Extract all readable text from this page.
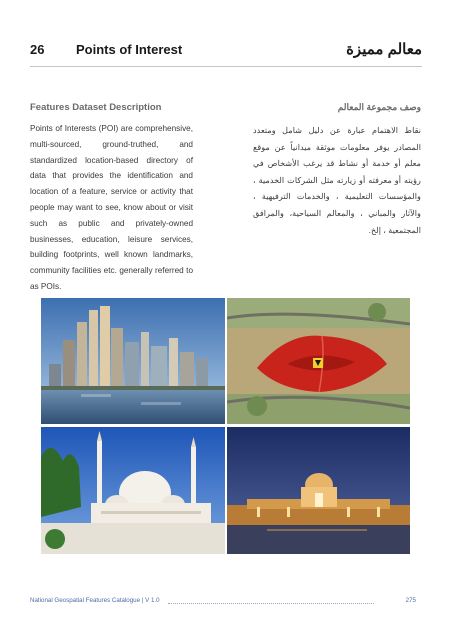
26 Points of Interest	معالم مميزة
Features Dataset Description	وصف مجموعة المعالم

Points of Interests (POI) are comprehensive, multi-sourced, ground-truthed, and standardized location-based directory of data that provides the identification and location of a feature, service or activity that people may want to see, know about or visit such as public and privately-owned businesses, education, leisure services, building footprints, well known landmarks, community facilities etc. generally referred to as POIs.

نقاط الاهتمام عبارة عن دليل شامل ومتعدد المصادر يوفر معلومات موثقة ميدانياً عن موقع معلم أو خدمة أو نشاط قد يرغب الأشخاص في رؤيته أو معرفته أو زيارته مثل الشركات الخدمية ، والمؤسسات التعليمية ، والخدمات الترفيهية ، والآثار والمباني ، والمعالم السياحية، والمرافق المجتمعية ، إلخ.

National Geospatial Features Catalogue | V 1.0	275
